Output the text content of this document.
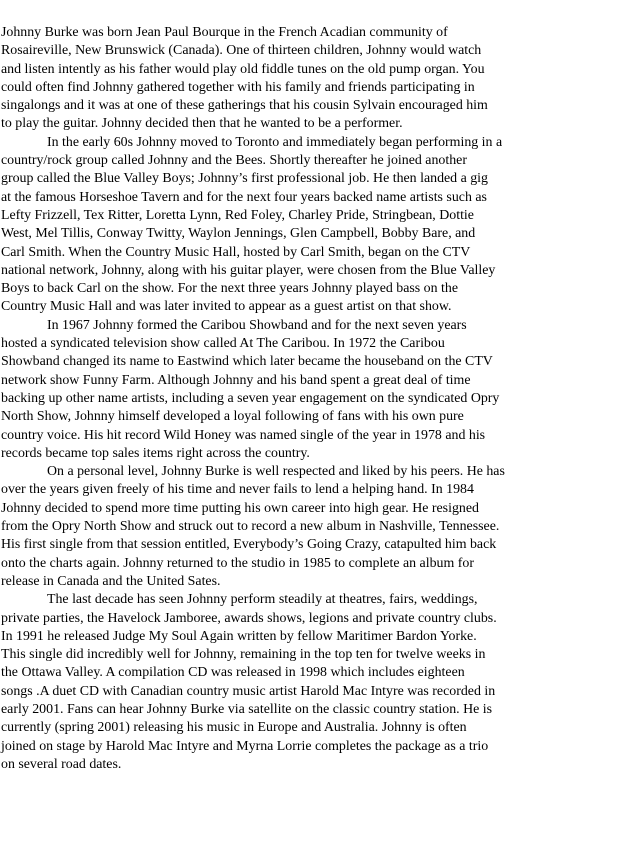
Johnny Burke was born Jean Paul Bourque in the French Acadian community of

Rosaireville, New Brunswick (Canada). One of thirteen children, Johnny would watch

and listen intently as his father would play old fiddle tunes on the old pump organ. You

could often find Johnny gathered together with his family and friends participating in

singalongs and it was at one of these gatherings that his cousin Sylvain encouraged him

to play the guitar. Johnny decided then that he wanted to be a performer.

In the early 60s Johnny moved to Toronto and immediately began performing in a

country/rock group called Johnny and the Bees. Shortly thereafter he joined another

group called the Blue Valley Boys; Johnny’s first professional job. He then landed a gig

at the famous Horseshoe Tavern and for the next four years backed name artists such as

Lefty Frizzell, Tex Ritter, Loretta Lynn, Red Foley, Charley Pride, Stringbean, Dottie

West, Mel Tillis, Conway Twitty, Waylon Jennings, Glen Campbell, Bobby Bare, and

Carl Smith. When the Country Music Hall, hosted by Carl Smith, began on the CTV

national network, Johnny, along with his guitar player, were chosen from the Blue Valley

Boys to back Carl on the show. For the next three years Johnny played bass on the

Country Music Hall and was later invited to appear as a guest artist on that show.

In 1967 Johnny formed the Caribou Showband and for the next seven years

hosted a syndicated television show called At The Caribou. In 1972 the Caribou

Showband changed its name to Eastwind which later became the houseband on the CTV

network show Funny Farm. Although Johnny and his band spent a great deal of time

backing up other name artists, including a seven year engagement on the syndicated Opry

North Show, Johnny himself developed a loyal following of fans with his own pure

country voice. His hit record Wild Honey was named single of the year in 1978 and his

records became top sales items right across the country.

On a personal level, Johnny Burke is well respected and liked by his peers. He has

over the years given freely of his time and never fails to lend a helping hand. In 1984

Johnny decided to spend more time putting his own career into high gear. He resigned

from the Opry North Show and struck out to record a new album in Nashville, Tennessee.

His first single from that session entitled, Everybody’s Going Crazy, catapulted him back

onto the charts again. Johnny returned to the studio in 1985 to complete an album for

release in Canada and the United Sates.

The last decade has seen Johnny perform steadily at theatres, fairs, weddings,

private parties, the Havelock Jamboree, awards shows, legions and private country clubs.

In 1991 he released Judge My Soul Again written by fellow Maritimer Bardon Yorke.

This single did incredibly well for Johnny, remaining in the top ten for twelve weeks in

the Ottawa Valley. A compilation CD was released in 1998 which includes eighteen

songs .A duet CD with Canadian country music artist Harold Mac Intyre was recorded in

early 2001. Fans can hear Johnny Burke via satellite on the classic country station. He is

currently (spring 2001) releasing his music in Europe and Australia. Johnny is often

joined on stage by Harold Mac Intyre and Myrna Lorrie completes the package as a trio

on several road dates.
